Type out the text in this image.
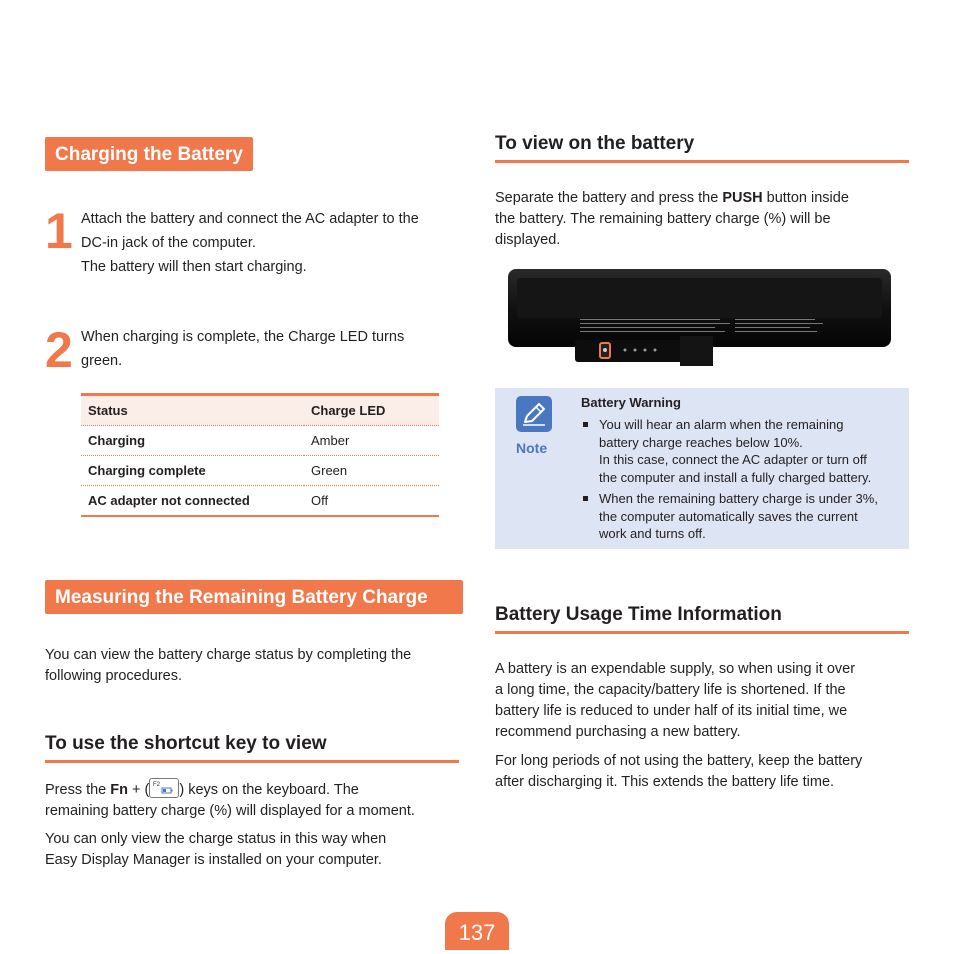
Charging the Battery
1 Attach the battery and connect the AC adapter to the
DC-in jack of the computer.
The battery will then start charging.
2 When charging is complete, the Charge LED turns
green.
Status	Charge LED
Charging	Amber
Charging complete	Green
AC adapter not connected	Off
Measuring the Remaining Battery Charge
You can view the battery charge status by completing the
following procedures.
To use the shortcut key to view
Press the Fn + ( F2 ) keys on the keyboard. The
remaining battery charge (%) will displayed for a moment.
You can only view the charge status in this way when
Easy Display Manager is installed on your computer.
To view on the battery
Separate the battery and press the PUSH button inside
the battery. The remaining battery charge (%) will be
displayed.
Note
Battery Warning
You will hear an alarm when the remaining
battery charge reaches below 10%.
In this case, connect the AC adapter or turn off
the computer and install a fully charged battery.
When the remaining battery charge is under 3%,
the computer automatically saves the current
work and turns off.
Battery Usage Time Information
A battery is an expendable supply, so when using it over
a long time, the capacity/battery life is shortened. If the
battery life is reduced to under half of its initial time, we
recommend purchasing a new battery.
For long periods of not using the battery, keep the battery
after discharging it. This extends the battery life time.
137
